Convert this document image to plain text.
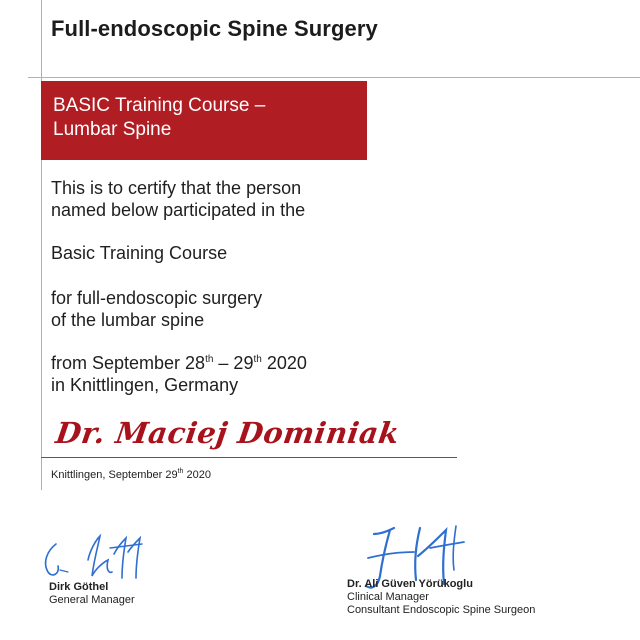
Full-endoscopic Spine Surgery
BASIC Training Course –
Lumbar Spine
This is to certify that the person
named below participated in the
Basic Training Course
for full-endoscopic surgery
of the lumbar spine
from September 28th – 29th 2020
in Knittlingen, Germany
Dr. Maciej Dominiak
Knittlingen, September 29th 2020
Dirk Göthel
General Manager
Dr. Ali Güven Yörükoglu
Clinical Manager
Consultant Endoscopic Spine Surgeon
